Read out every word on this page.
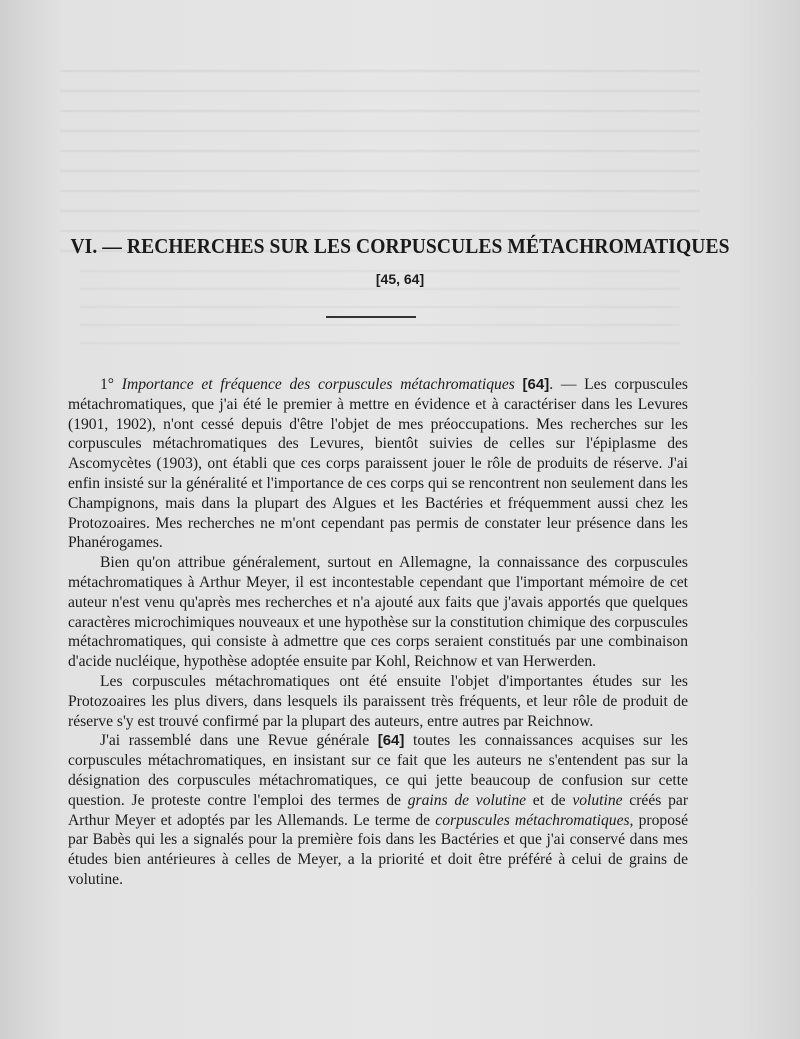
VI. — RECHERCHES SUR LES CORPUSCULES MÉTACHROMATIQUES
[45, 64]

1° Importance et fréquence des corpuscules métachromatiques [64]. — Les corpuscules métachromatiques, que j'ai été le premier à mettre en évidence et à caractériser dans les Levures (1901, 1902), n'ont cessé depuis d'être l'objet de mes préoccupations. Mes recherches sur les corpuscules métachromatiques des Levures, bientôt suivies de celles sur l'épiplasme des Ascomycètes (1903), ont établi que ces corps paraissent jouer le rôle de produits de réserve. J'ai enfin insisté sur la généralité et l'importance de ces corps qui se rencontrent non seulement dans les Champignons, mais dans la plupart des Algues et les Bactéries et fréquemment aussi chez les Protozoaires. Mes recherches ne m'ont cependant pas permis de constater leur présence dans les Phanérogames.

Bien qu'on attribue généralement, surtout en Allemagne, la connaissance des corpuscules métachromatiques à Arthur Meyer, il est incontestable cependant que l'important mémoire de cet auteur n'est venu qu'après mes recherches et n'a ajouté aux faits que j'avais apportés que quelques caractères microchimiques nouveaux et une hypothèse sur la constitution chimique des corpuscules métachromatiques, qui consiste à admettre que ces corps seraient constitués par une combinaison d'acide nucléique, hypothèse adoptée ensuite par Kohl, Reichnow et van Herwerden.

Les corpuscules métachromatiques ont été ensuite l'objet d'importantes études sur les Protozoaires les plus divers, dans lesquels ils paraissent très fréquents, et leur rôle de produit de réserve s'y est trouvé confirmé par la plupart des auteurs, entre autres par Reichnow.

J'ai rassemblé dans une Revue générale [64] toutes les connaissances acquises sur les corpuscules métachromatiques, en insistant sur ce fait que les auteurs ne s'entendent pas sur la désignation des corpuscules métachromatiques, ce qui jette beaucoup de confusion sur cette question. Je proteste contre l'emploi des termes de grains de volutine et de volutine créés par Arthur Meyer et adoptés par les Allemands. Le terme de corpuscules métachromatiques, proposé par Babès qui les a signalés pour la première fois dans les Bactéries et que j'ai conservé dans mes études bien antérieures à celles de Meyer, a la priorité et doit être préféré à celui de grains de volutine.
